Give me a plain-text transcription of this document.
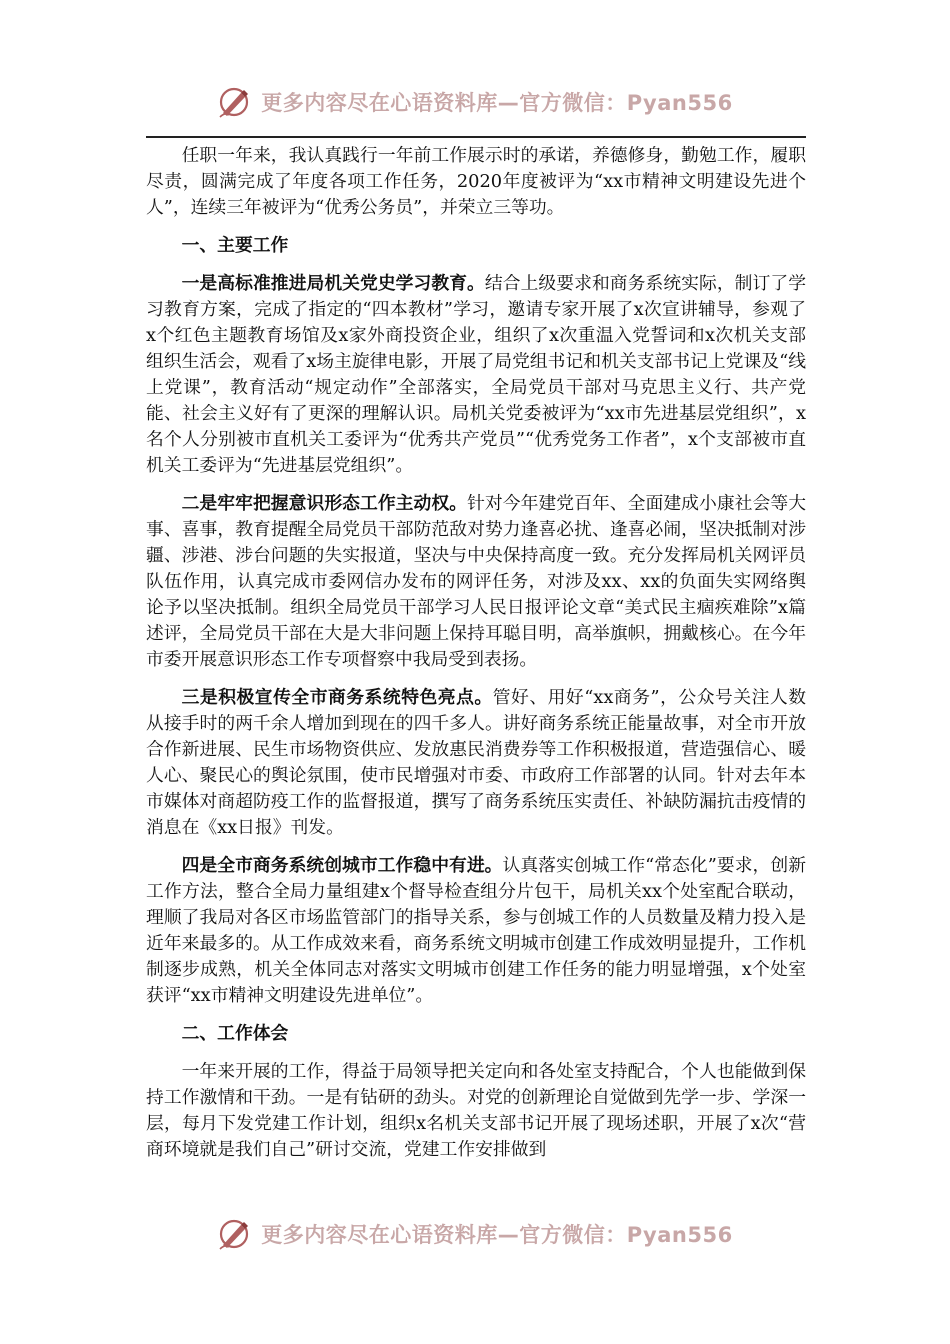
更多内容尽在心语资料库—官方微信：Pyan556

任职一年来，我认真践行一年前工作展示时的承诺，养德修身，勤勉工作，履职尽责，圆满完成了年度各项工作任务，2020年度被评为“xx市精神文明建设先进个人”，连续三年被评为“优秀公务员”，并荣立三等功。

一、主要工作

一是高标准推进局机关党史学习教育。结合上级要求和商务系统实际，制订了学习教育方案，完成了指定的“四本教材”学习，邀请专家开展了x次宣讲辅导，参观了x个红色主题教育场馆及x家外商投资企业，组织了x次重温入党誓词和x次机关支部组织生活会，观看了x场主旋律电影，开展了局党组书记和机关支部书记上党课及“线上党课”，教育活动“规定动作”全部落实，全局党员干部对马克思主义行、共产党能、社会主义好有了更深的理解认识。局机关党委被评为“xx市先进基层党组织”，x名个人分别被市直机关工委评为“优秀共产党员”“优秀党务工作者”，x个支部被市直机关工委评为“先进基层党组织”。

二是牢牢把握意识形态工作主动权。针对今年建党百年、全面建成小康社会等大事、喜事，教育提醒全局党员干部防范敌对势力逢喜必扰、逢喜必闹，坚决抵制对涉疆、涉港、涉台问题的失实报道，坚决与中央保持高度一致。充分发挥局机关网评员队伍作用，认真完成市委网信办发布的网评任务，对涉及xx、xx的负面失实网络舆论予以坚决抵制。组织全局党员干部学习人民日报评论文章“美式民主痼疾难除”x篇述评，全局党员干部在大是大非问题上保持耳聪目明，高举旗帜，拥戴核心。在今年市委开展意识形态工作专项督察中我局受到表扬。

三是积极宣传全市商务系统特色亮点。管好、用好“xx商务”，公众号关注人数从接手时的两千余人增加到现在的四千多人。讲好商务系统正能量故事，对全市开放合作新进展、民生市场物资供应、发放惠民消费券等工作积极报道，营造强信心、暖人心、聚民心的舆论氛围，使市民增强对市委、市政府工作部署的认同。针对去年本市媒体对商超防疫工作的监督报道，撰写了商务系统压实责任、补缺防漏抗击疫情的消息在《xx日报》刊发。

四是全市商务系统创城市工作稳中有进。认真落实创城工作“常态化”要求，创新工作方法，整合全局力量组建x个督导检查组分片包干，局机关xx个处室配合联动，理顺了我局对各区市场监管部门的指导关系，参与创城工作的人员数量及精力投入是近年来最多的。从工作成效来看，商务系统文明城市创建工作成效明显提升，工作机制逐步成熟，机关全体同志对落实文明城市创建工作任务的能力明显增强，x个处室获评“xx市精神文明建设先进单位”。

二、工作体会

一年来开展的工作，得益于局领导把关定向和各处室支持配合，个人也能做到保持工作激情和干劲。一是有钻研的劲头。对党的创新理论自觉做到先学一步、学深一层，每月下发党建工作计划，组织x名机关支部书记开展了现场述职，开展了x次“营商环境就是我们自己”研讨交流，党建工作安排做到

更多内容尽在心语资料库—官方微信：Pyan556
